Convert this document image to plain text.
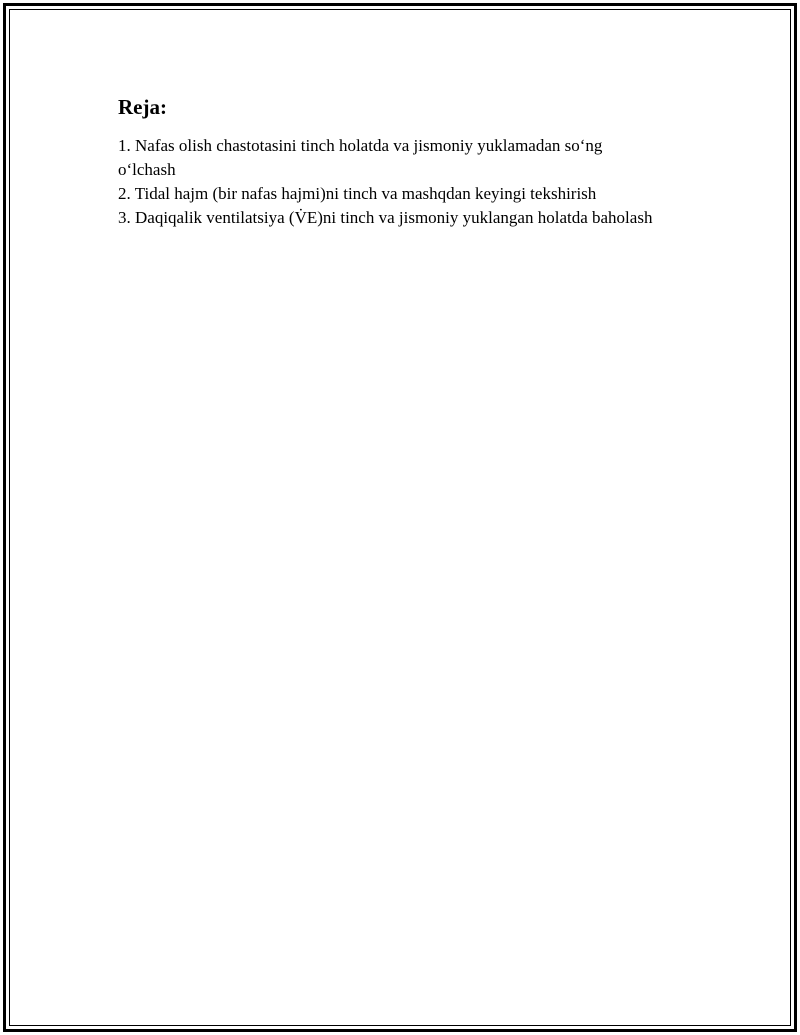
Reja:
1. Nafas olish chastotasini tinch holatda va jismoniy yuklamadan so‘ng o‘lchash
2. Tidal hajm (bir nafas hajmi)ni tinch va mashqdan keyingi tekshirish
3. Daqiqalik ventilatsiya (V̇E)ni tinch va jismoniy yuklangan holatda baholash
